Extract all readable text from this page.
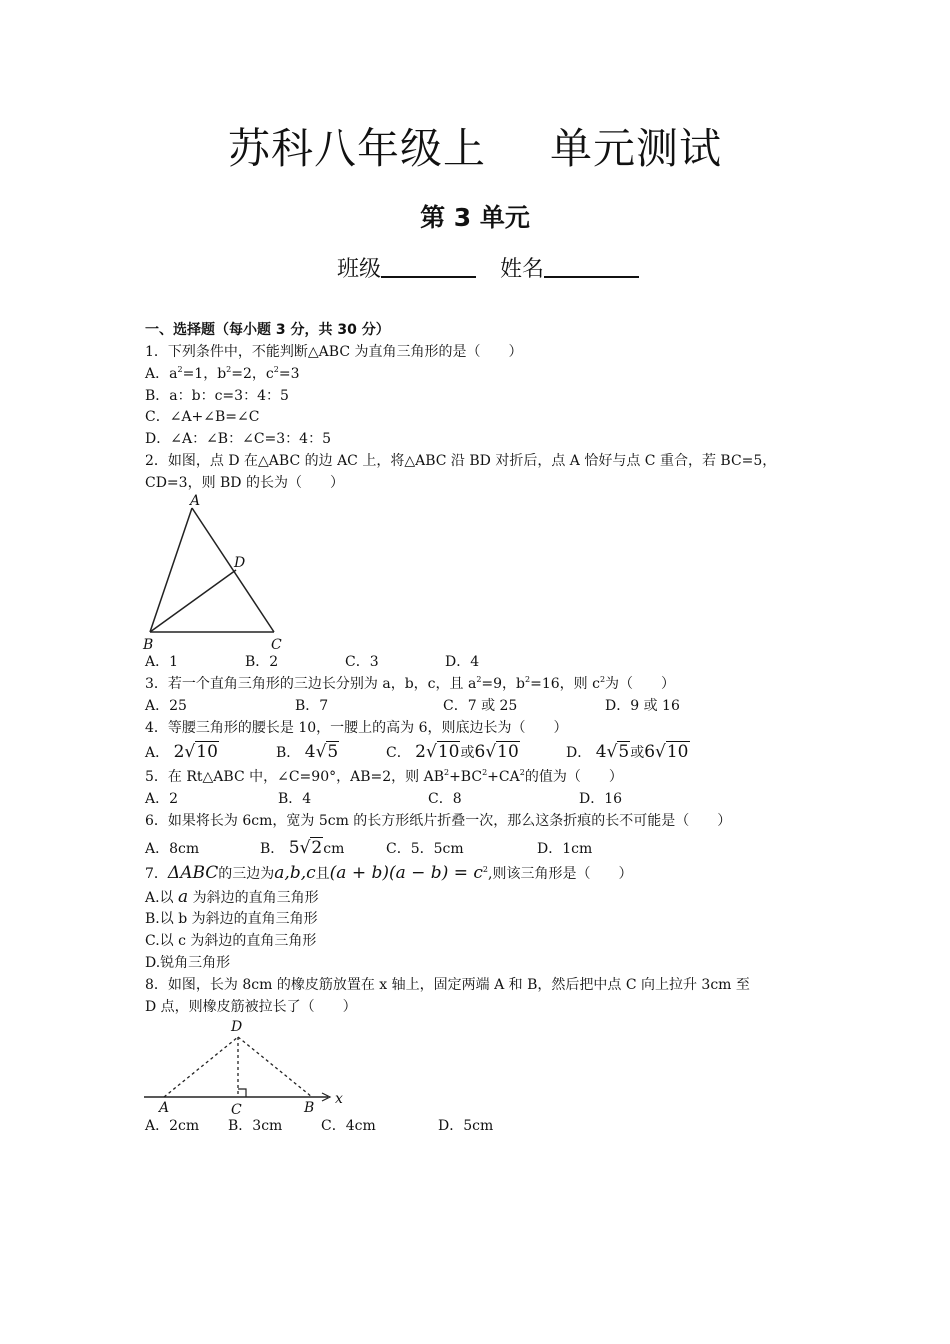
苏科八年级上 单元测试
第 3 单元
班级	姓名
一、选择题（每小题 3 分，共 30 分）
1．下列条件中，不能判断△ABC 为直角三角形的是（　　）
A．$a^2=1$，$b^2=2$，$c^2=3$
B．a：b：c=3：4：5
C．∠A+∠B=∠C
D．∠A：∠B：∠C=3：4：5
2．如图，点 D 在△ABC 的边 AC 上，将△ABC 沿 BD 对折后，点 A 恰好与点 C 重合，若 BC=5，
CD=3，则 BD 的长为（　　）
A
D
B	C
A．1	B．2	C．3	D．4
3．若一个直角三角形的三边长分别为 a，b，c，且 $a^2=9$，$b^2=16$，则 $c^2$为（　　）
A．25	B．7	C．7 或 25	D．9 或 16
4．等腰三角形的腰长是 10，一腰上的高为 6，则底边长为（　　）
A． 2√10	B． 4√5	C． 2√10或6√10	D． 4√5或6√10
5．在 Rt△ABC 中，∠C=90°，AB=2，则 $AB^2+BC^2+CA^2$的值为（　　）
A．2	B．4	C．8	D．16
6．如果将长为 6cm，宽为 5cm 的长方形纸片折叠一次，那么这条折痕的长不可能是（　　）
A．8cm	B． 5√2cm	C．5．5cm	D．1cm
7．ΔABC的三边为a,b,c且$(a + b)(a - b) = c^2$,则该三角形是（　　）
A.以 a 为斜边的直角三角形
B.以 b 为斜边的直角三角形
C.以 c 为斜边的直角三角形
D.锐角三角形
8．如图，长为 8cm 的橡皮筋放置在 x 轴上，固定两端 A 和 B，然后把中点 C 向上拉升 3cm 至
D 点，则橡皮筋被拉长了（　　）
D
A	C	B
x
A．2cm B．3cm	C．4cm	D．5cm
